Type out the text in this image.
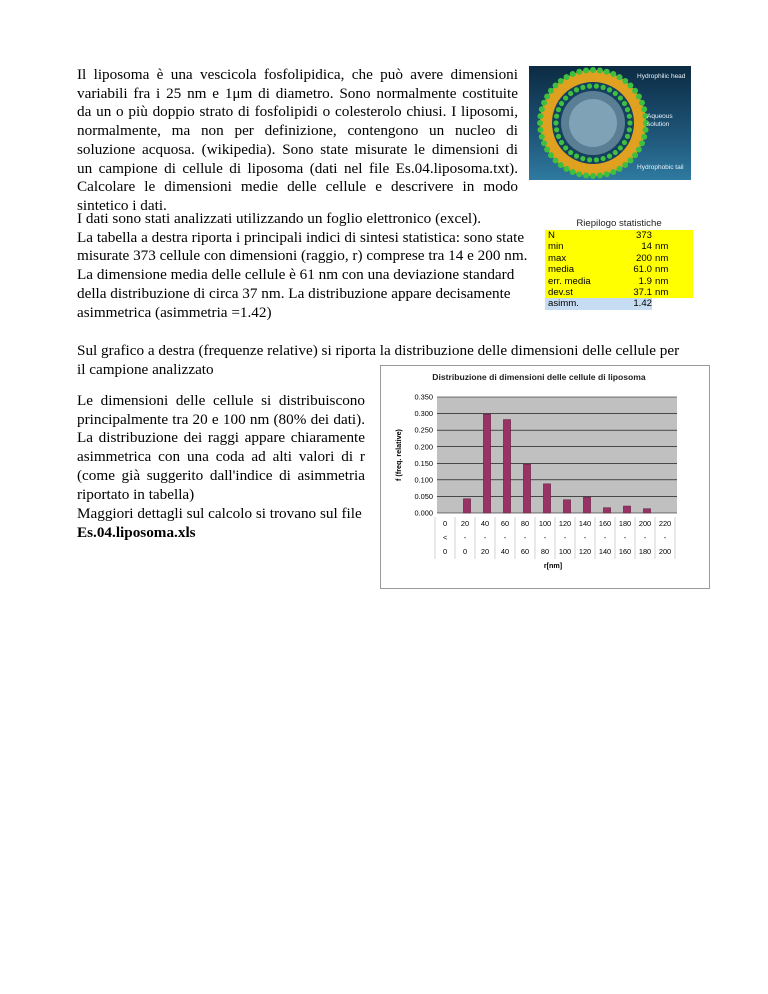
Il liposoma è una vescicola fosfolipidica, che può avere dimensioni
variabili fra i 25 nm e 1μm di diametro. Sono normalmente costituite
da un o più doppio strato di fosfolipidi o colesterolo chiusi. I liposomi,
normalmente, ma non per definizione, contengono un nucleo di
soluzione acquosa. (wikipedia). Sono state misurate le dimensioni di
un campione di cellule di liposoma (dati nel file Es.04.liposoma.txt).
Calcolare le dimensioni medie delle cellule e descrivere in modo
sintetico i dati.
Hydrophilic head
Aqueous
solution
Hydrophobic tail
I dati sono stati analizzati utilizzando un foglio elettronico (excel).
La tabella a destra riporta i principali indici di sintesi statistica: sono state
misurate 373 cellule con dimensioni (raggio, r) comprese tra 14 e 200 nm.
La dimensione media delle cellule è 61 nm con una deviazione standard
della distribuzione di circa 37 nm. La distribuzione appare decisamente
asimmetrica (asimmetria =1.42)
Riepilogo statistiche
N	373
min	14 nm
max	200 nm
media	61.0 nm
err. media	1.9 nm
dev.st	37.1 nm
asimm.	1.42
Sul grafico a destra (frequenze relative) si riporta la distribuzione delle dimensioni delle cellule per
il campione analizzato
Le dimensioni delle cellule si distribuiscono
principalmente tra 20 e 100 nm (80% dei dati).
La distribuzione dei raggi appare chiaramente
asimmetrica con una coda ad alti valori di r
(come già suggerito dall'indice di asimmetria
riportato in tabella)
Maggiori dettagli sul calcolo si trovano sul file
Es.04.liposoma.xls
Distribuzione di dimensioni delle cellule di liposoma
0.000
0.050
0.100
0.150
0.200
0.250
0.300
0.350
f (freq. relative)
0
<
0
20
-
0
40
-
20
60
-
40
80
-
60
100
-
80
120
-
100
140
-
120
160
-
140
180
-
160
200
-
180
220
-
200
r[nm]
